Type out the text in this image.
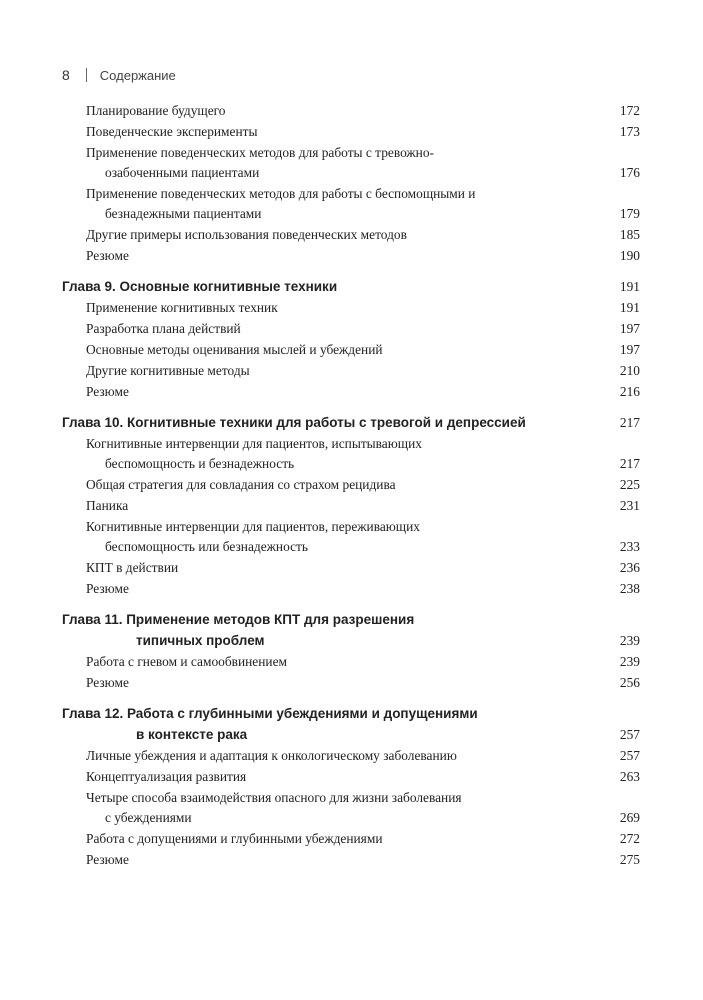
8 Содержание
Планирование будущего	172
Поведенческие эксперименты	173
Применение поведенческих методов для работы с тревожно-
озабоченными пациентами	176
Применение поведенческих методов для работы с беспомощными и
безнадежными пациентами	179
Другие примеры использования поведенческих методов	185
Резюме	190
Глава 9. Основные когнитивные техники	191
Применение когнитивных техник	191
Разработка плана действий	197
Основные методы оценивания мыслей и убеждений	197
Другие когнитивные методы	210
Резюме	216
Глава 10. Когнитивные техники для работы с тревогой и депрессией	217
Когнитивные интервенции для пациентов, испытывающих
беспомощность и безнадежность	217
Общая стратегия для совладания со страхом рецидива	225
Паника	231
Когнитивные интервенции для пациентов, переживающих
беспомощность или безнадежность	233
КПТ в действии	236
Резюме	238
Глава 11. Применение методов КПТ для разрешения
типичных проблем	239
Работа с гневом и самообвинением	239
Резюме	256
Глава 12. Работа с глубинными убеждениями и допущениями
в контексте рака	257
Личные убеждения и адаптация к онкологическому заболеванию	257
Концептуализация развития	263
Четыре способа взаимодействия опасного для жизни заболевания
с убеждениями	269
Работа с допущениями и глубинными убеждениями	272
Резюме	275
